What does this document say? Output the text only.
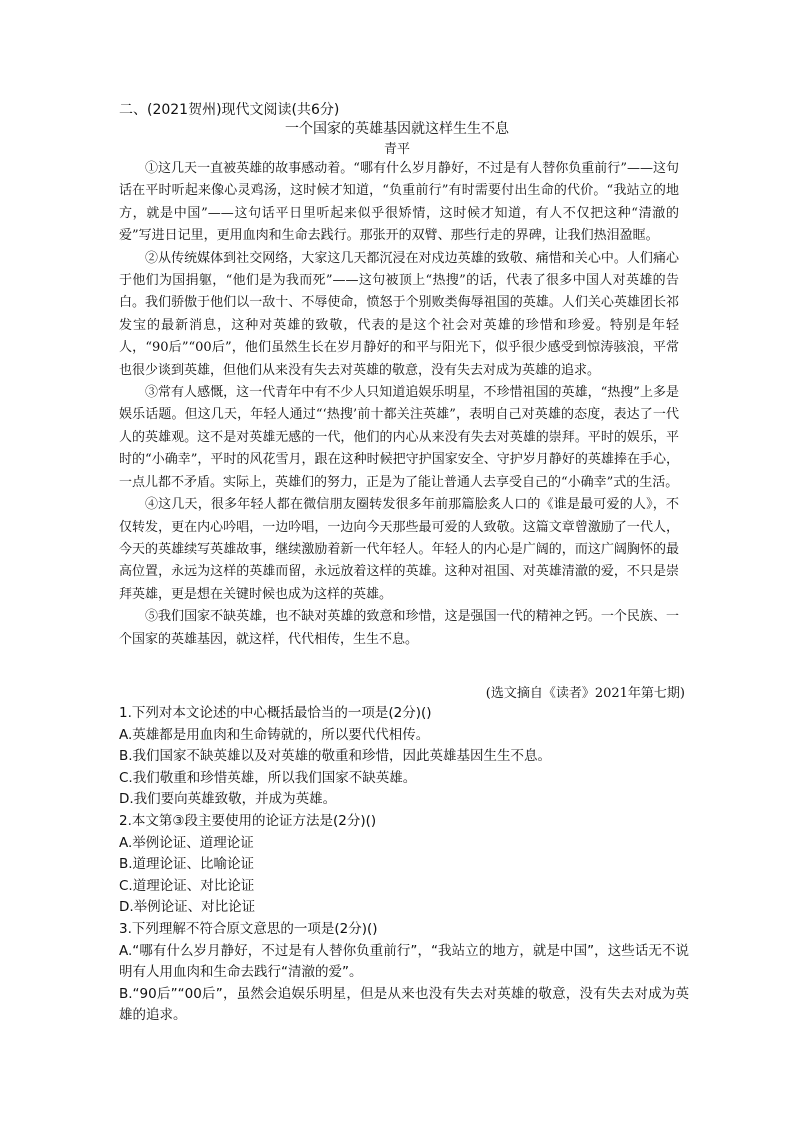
二、(2021贺州)现代文阅读(共6分)
一个国家的英雄基因就这样生生不息
青平

①这几天一直被英雄的故事感动着。“哪有什么岁月静好，不过是有人替你负重前行”——这句话在平时听起来像心灵鸡汤，这时候才知道，“负重前行”有时需要付出生命的代价。“我站立的地方，就是中国”——这句话平日里听起来似乎很矫情，这时候才知道，有人不仅把这种“清澈的爱”写进日记里，更用血肉和生命去践行。那张开的双臂、那些行走的界碑，让我们热泪盈眶。

②从传统媒体到社交网络，大家这几天都沉浸在对戍边英雄的致敬、痛惜和关心中。人们痛心于他们为国捐躯，“他们是为我而死”——这句被顶上“热搜”的话，代表了很多中国人对英雄的告白。我们骄傲于他们以一敌十、不辱使命，愤怒于个别败类侮辱祖国的英雄。人们关心英雄团长祁发宝的最新消息，这种对英雄的致敬，代表的是这个社会对英雄的珍惜和珍爱。特别是年轻人，“90后”“00后”，他们虽然生长在岁月静好的和平与阳光下，似乎很少感受到惊涛骇浪，平常也很少谈到英雄，但他们从来没有失去对英雄的敬意，没有失去对成为英雄的追求。

③常有人感慨，这一代青年中有不少人只知道追娱乐明星，不珍惜祖国的英雄，“热搜”上多是娱乐话题。但这几天，年轻人通过“‘热搜’前十都关注英雄”，表明自己对英雄的态度，表达了一代人的英雄观。这不是对英雄无感的一代，他们的内心从来没有失去对英雄的崇拜。平时的娱乐，平时的“小确幸”，平时的风花雪月，跟在这种时候把守护国家安全、守护岁月静好的英雄捧在手心，一点儿都不矛盾。实际上，英雄们的努力，正是为了能让普通人去享受自己的“小确幸”式的生活。

④这几天，很多年轻人都在微信朋友圈转发很多年前那篇脍炙人口的《谁是最可爱的人》，不仅转发，更在内心吟唱，一边吟唱，一边向今天那些最可爱的人致敬。这篇文章曾激励了一代人，今天的英雄续写英雄故事，继续激励着新一代年轻人。年轻人的内心是广阔的，而这广阔胸怀的最高位置，永远为这样的英雄而留，永远放着这样的英雄。这种对祖国、对英雄清澈的爱，不只是崇拜英雄，更是想在关键时候也成为这样的英雄。

⑤我们国家不缺英雄，也不缺对英雄的致意和珍惜，这是强国一代的精神之钙。一个民族、一个国家的英雄基因，就这样，代代相传，生生不息。

(选文摘自《读者》2021年第七期)
1.下列对本文论述的中心概括最恰当的一项是(2分)()
A.英雄都是用血肉和生命铸就的，所以要代代相传。
B.我们国家不缺英雄以及对英雄的敬重和珍惜，因此英雄基因生生不息。
C.我们敬重和珍惜英雄，所以我们国家不缺英雄。
D.我们要向英雄致敬，并成为英雄。
2.本文第③段主要使用的论证方法是(2分)()
A.举例论证、道理论证
B.道理论证、比喻论证
C.道理论证、对比论证
D.举例论证、对比论证
3.下列理解不符合原文意思的一项是(2分)()
A.“哪有什么岁月静好，不过是有人替你负重前行”，“我站立的地方，就是中国”，这些话无不说明有人用血肉和生命去践行“清澈的爱”。
B.“90后”“00后”，虽然会追娱乐明星，但是从来也没有失去对英雄的敬意，没有失去对成为英雄的追求。
